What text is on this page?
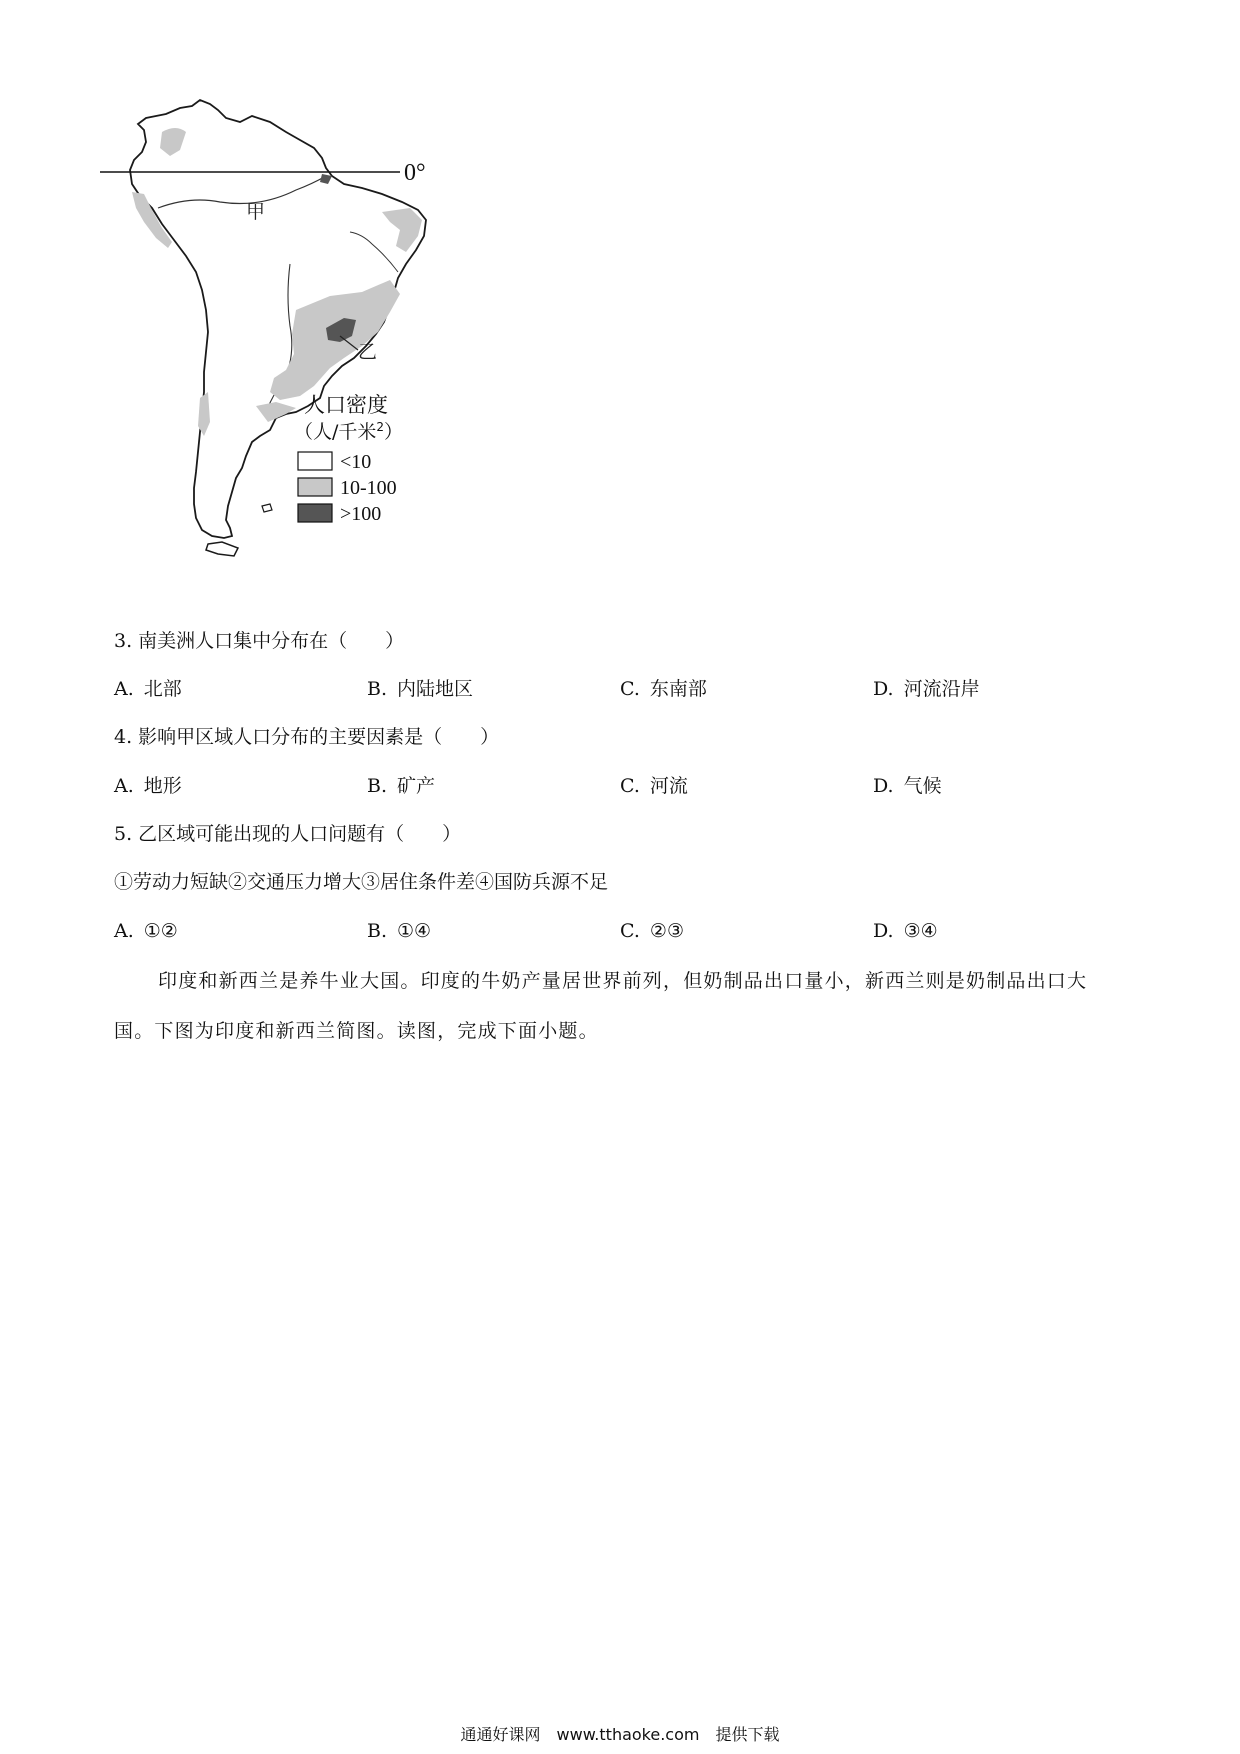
0°
甲
乙
人口密度
（人/千米$^2$）
<10
10-100
>100
3. 南美洲人口集中分布在（　　）
A. 北部	B. 内陆地区	C. 东南部	D. 河流沿岸
4. 影响甲区域人口分布的主要因素是（　　）
A. 地形	B. 矿产	C. 河流	D. 气候
5. 乙区域可能出现的人口问题有（　　）
①劳动力短缺②交通压力增大③居住条件差④国防兵源不足
A. ①②	B. ①④	C. ②③	D. ③④
印度和新西兰是养牛业大国。印度的牛奶产量居世界前列，但奶制品出口量小，新西兰则是奶制品出口大国。下图为印度和新西兰简图。读图，完成下面小题。
通通好课网　www.tthaoke.com　提供下载
